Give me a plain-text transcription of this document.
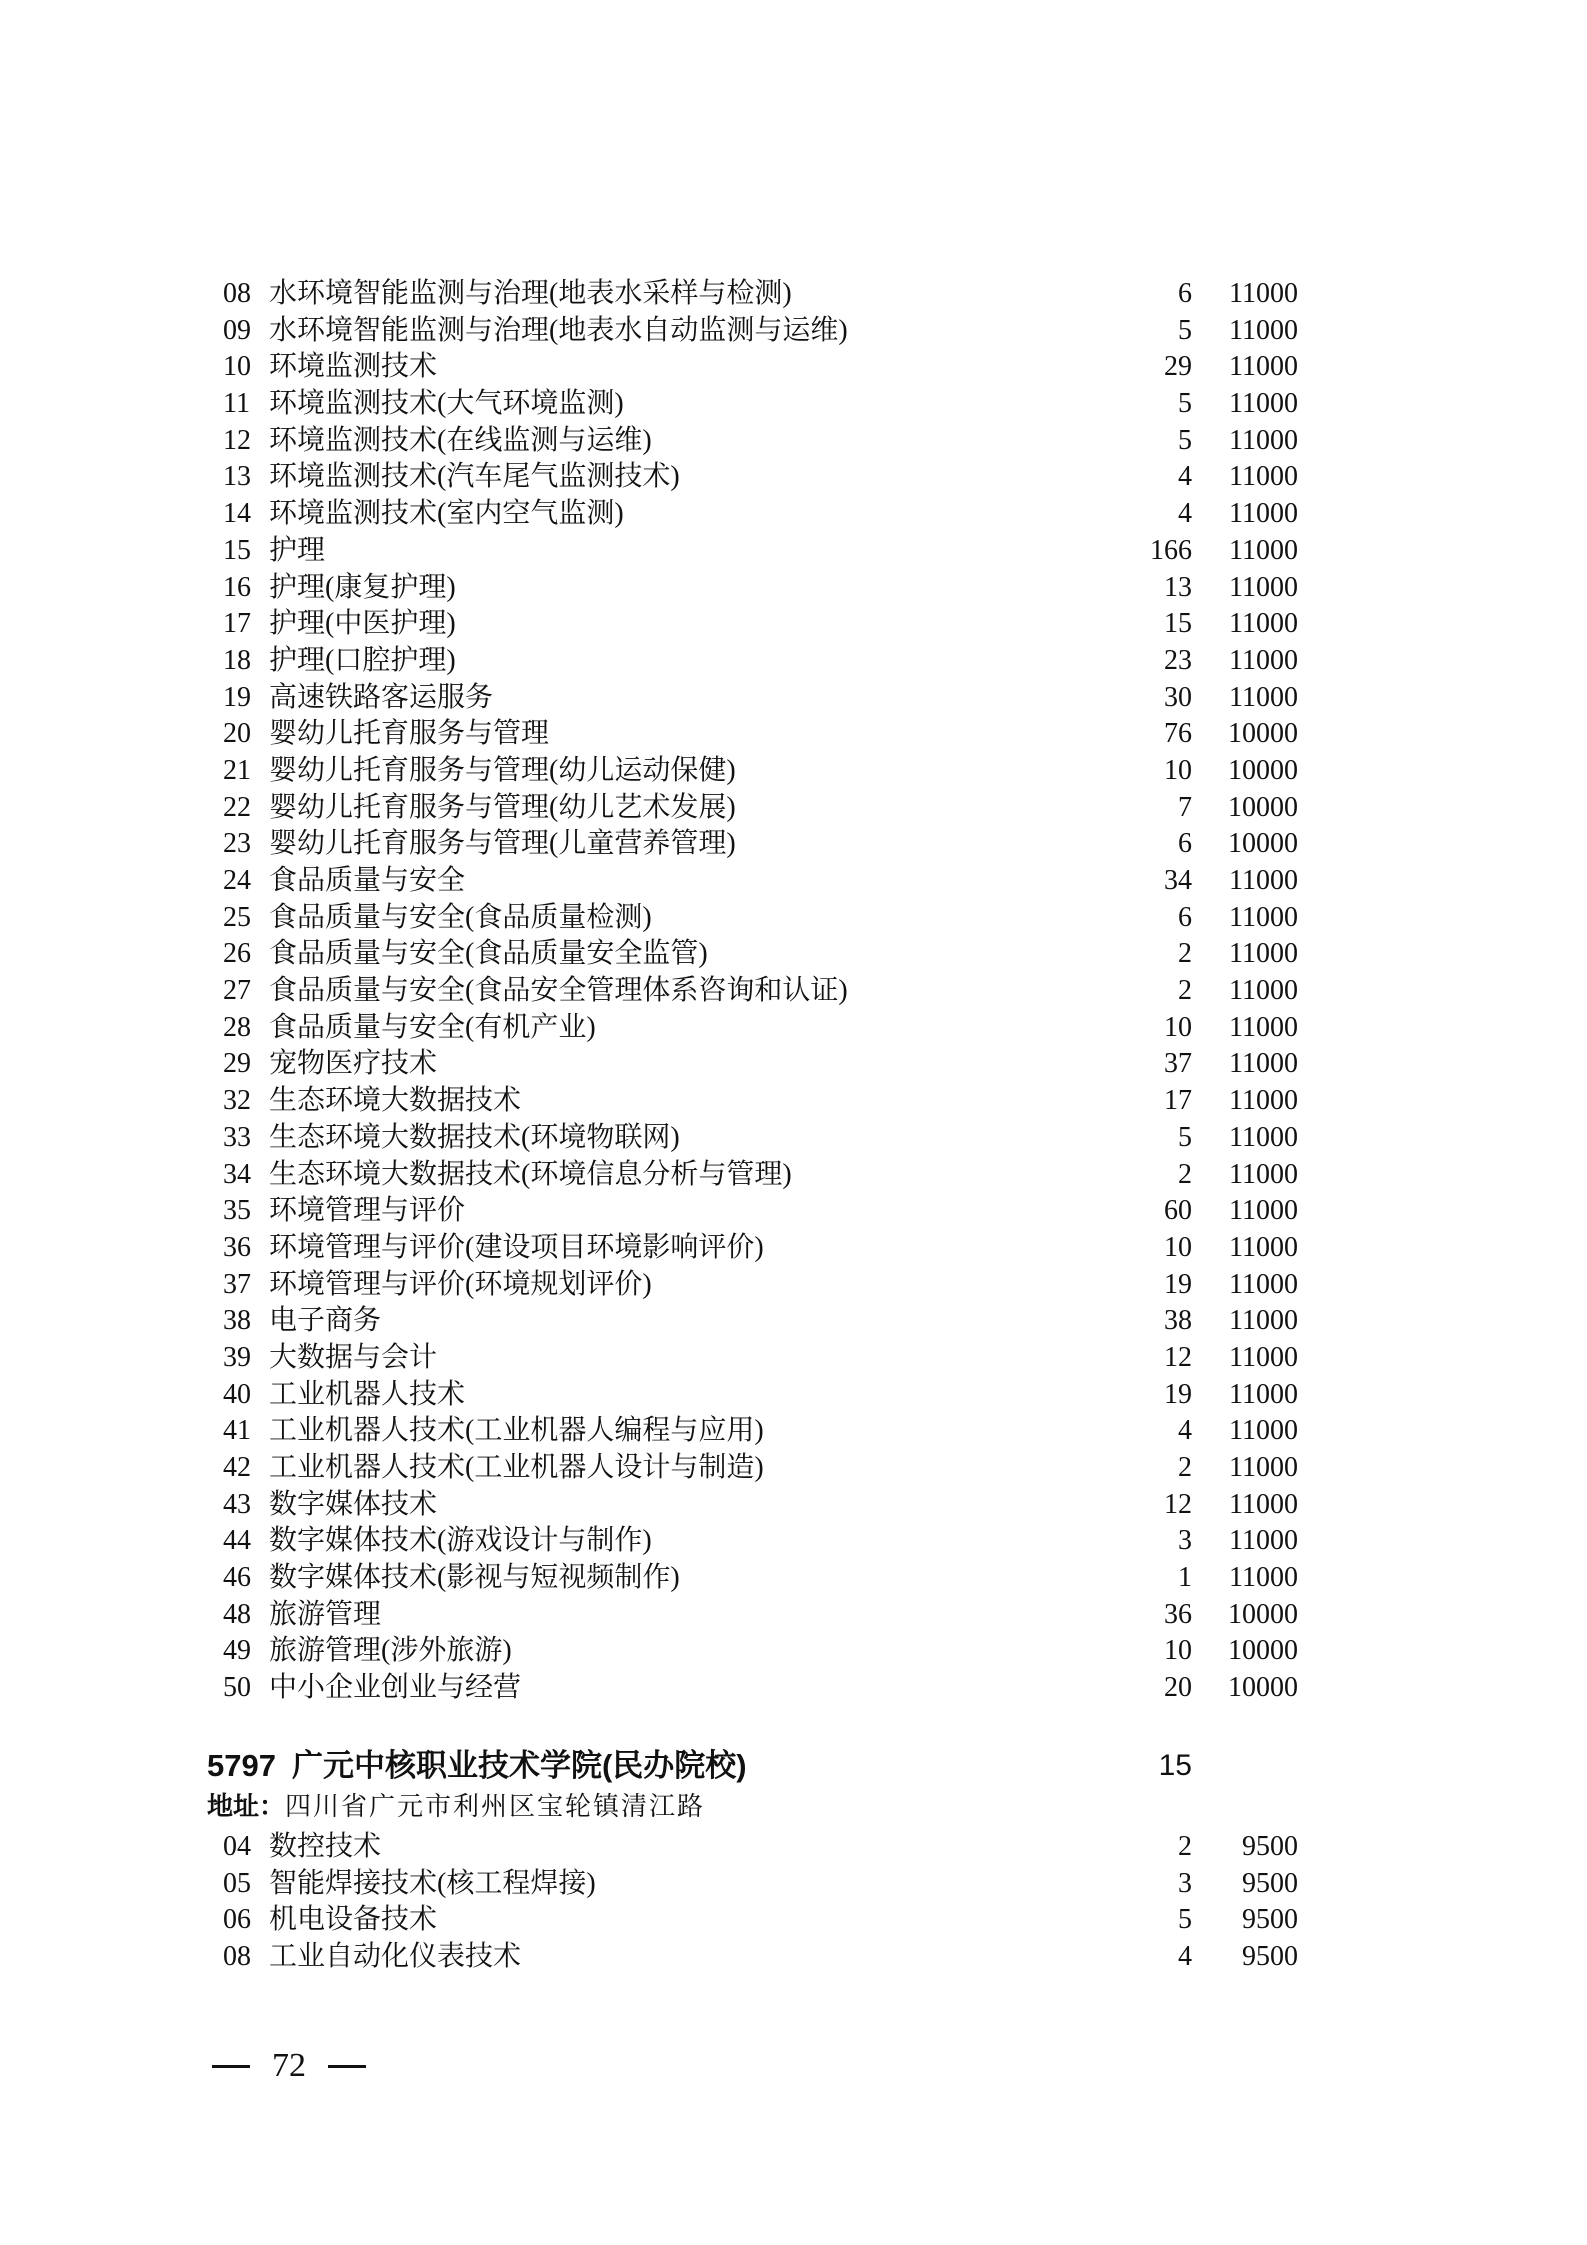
08 水环境智能监测与治理(地表水采样与检测)	6	11000
09 水环境智能监测与治理(地表水自动监测与运维)	5	11000
10 环境监测技术	29	11000
11 环境监测技术(大气环境监测)	5	11000
12 环境监测技术(在线监测与运维)	5	11000
13 环境监测技术(汽车尾气监测技术)	4	11000
14 环境监测技术(室内空气监测)	4	11000
15 护理	166	11000
16 护理(康复护理)	13	11000
17 护理(中医护理)	15	11000
18 护理(口腔护理)	23	11000
19 高速铁路客运服务	30	11000
20 婴幼儿托育服务与管理	76	10000
21 婴幼儿托育服务与管理(幼儿运动保健)	10	10000
22 婴幼儿托育服务与管理(幼儿艺术发展)	7	10000
23 婴幼儿托育服务与管理(儿童营养管理)	6	10000
24 食品质量与安全	34	11000
25 食品质量与安全(食品质量检测)	6	11000
26 食品质量与安全(食品质量安全监管)	2	11000
27 食品质量与安全(食品安全管理体系咨询和认证)	2	11000
28 食品质量与安全(有机产业)	10	11000
29 宠物医疗技术	37	11000
32 生态环境大数据技术	17	11000
33 生态环境大数据技术(环境物联网)	5	11000
34 生态环境大数据技术(环境信息分析与管理)	2	11000
35 环境管理与评价	60	11000
36 环境管理与评价(建设项目环境影响评价)	10	11000
37 环境管理与评价(环境规划评价)	19	11000
38 电子商务	38	11000
39 大数据与会计	12	11000
40 工业机器人技术	19	11000
41 工业机器人技术(工业机器人编程与应用)	4	11000
42 工业机器人技术(工业机器人设计与制造)	2	11000
43 数字媒体技术	12	11000
44 数字媒体技术(游戏设计与制作)	3	11000
46 数字媒体技术(影视与短视频制作)	1	11000
48 旅游管理	36	10000
49 旅游管理(涉外旅游)	10	10000
50 中小企业创业与经营	20	10000
5797 广元中核职业技术学院(民办院校)	15
地址：四川省广元市利州区宝轮镇清江路
04 数控技术	2	9500
05 智能焊接技术(核工程焊接)	3	9500
06 机电设备技术	5	9500
08 工业自动化仪表技术	4	9500
72
